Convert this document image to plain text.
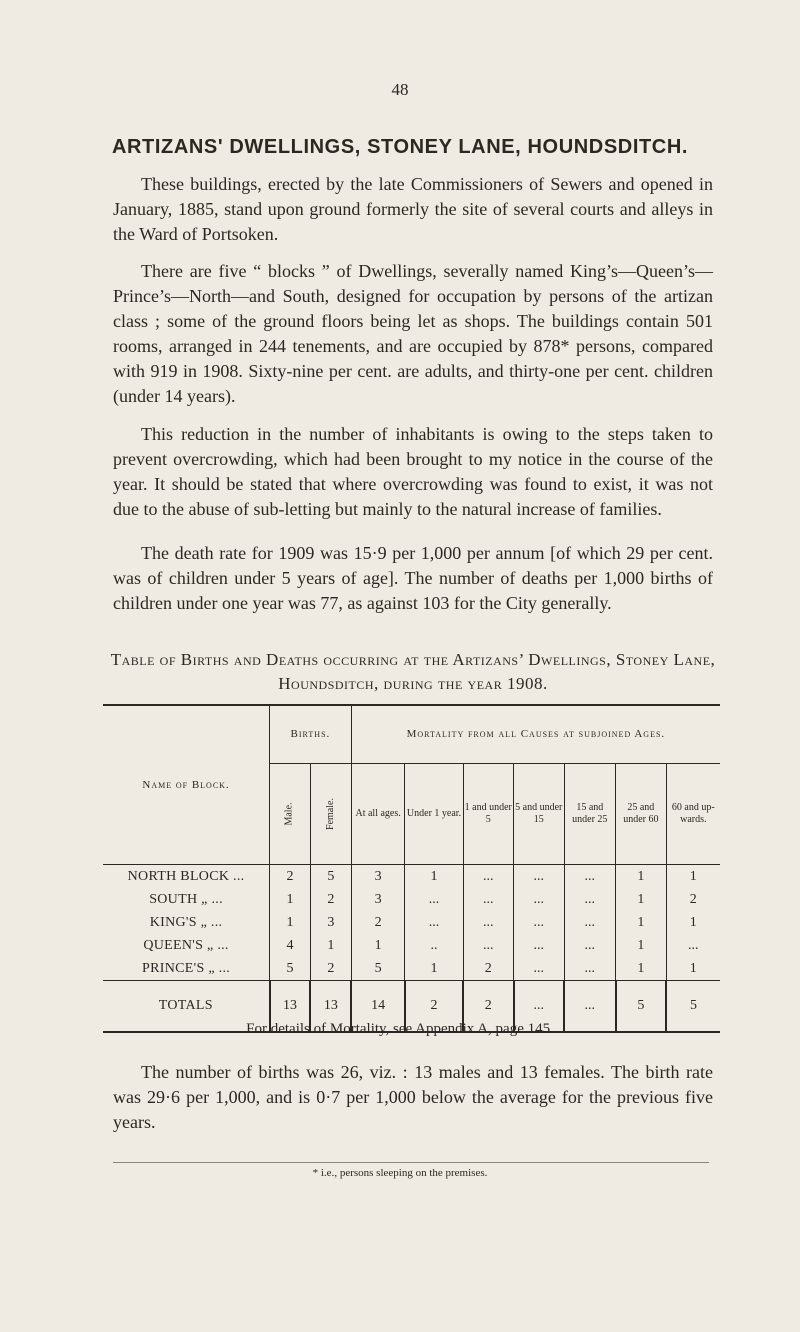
48
ARTIZANS' DWELLINGS, STONEY LANE, HOUNDSDITCH.

These buildings, erected by the late Commissioners of Sewers and opened in January, 1885, stand upon ground formerly the site of several courts and alleys in the Ward of Portsoken.

There are five “ blocks ” of Dwellings, severally named King’s—Queen’s—Prince’s—North—and South, designed for occupation by persons of the artizan class ; some of the ground floors being let as shops. The buildings contain 501 rooms, arranged in 244 tenements, and are occupied by 878* persons, compared with 919 in 1908. Sixty-nine per cent. are adults, and thirty-one per cent. children (under 14 years).

This reduction in the number of inhabitants is owing to the steps taken to prevent overcrowding, which had been brought to my notice in the course of the year. It should be stated that where overcrowding was found to exist, it was not due to the abuse of sub-letting but mainly to the natural increase of families.

The death rate for 1909 was 15·9 per 1,000 per annum [of which 29 per cent. was of children under 5 years of age]. The number of deaths per 1,000 births of children under one year was 77, as against 103 for the City generally.

Table of Births and Deaths occurring at the Artizans’ Dwellings, Stoney Lane, Houndsditch, during the year 1908.
Name of Block.	Births.		Mortality from all Causes at subjoined Ages.						
	Male.	Female.	At all ages.	Under 1 year.	1 and under 5	5 and under 15	15 and under 25	25 and under 60	60 and up-wards.
NORTH BLOCK ...	2	5	3	1	...	...	...	1	1
SOUTH „ ...	1	2	3	...	...	...	...	1	2
KING'S „ ...	1	3	2	...	...	...	...	1	1
QUEEN'S „ ...	4	1	1	..	...	...	...	1	...
PRINCE'S „ ...	5	2	5	1	2	...	...	1	1
TOTALS	13	13	14	2	2	...	...	5	5
For details of Mortality, see Appendix A, page 145.

The number of births was 26, viz. : 13 males and 13 females. The birth rate was 29·6 per 1,000, and is 0·7 per 1,000 below the average for the previous five years.

* i.e., persons sleeping on the premises.
